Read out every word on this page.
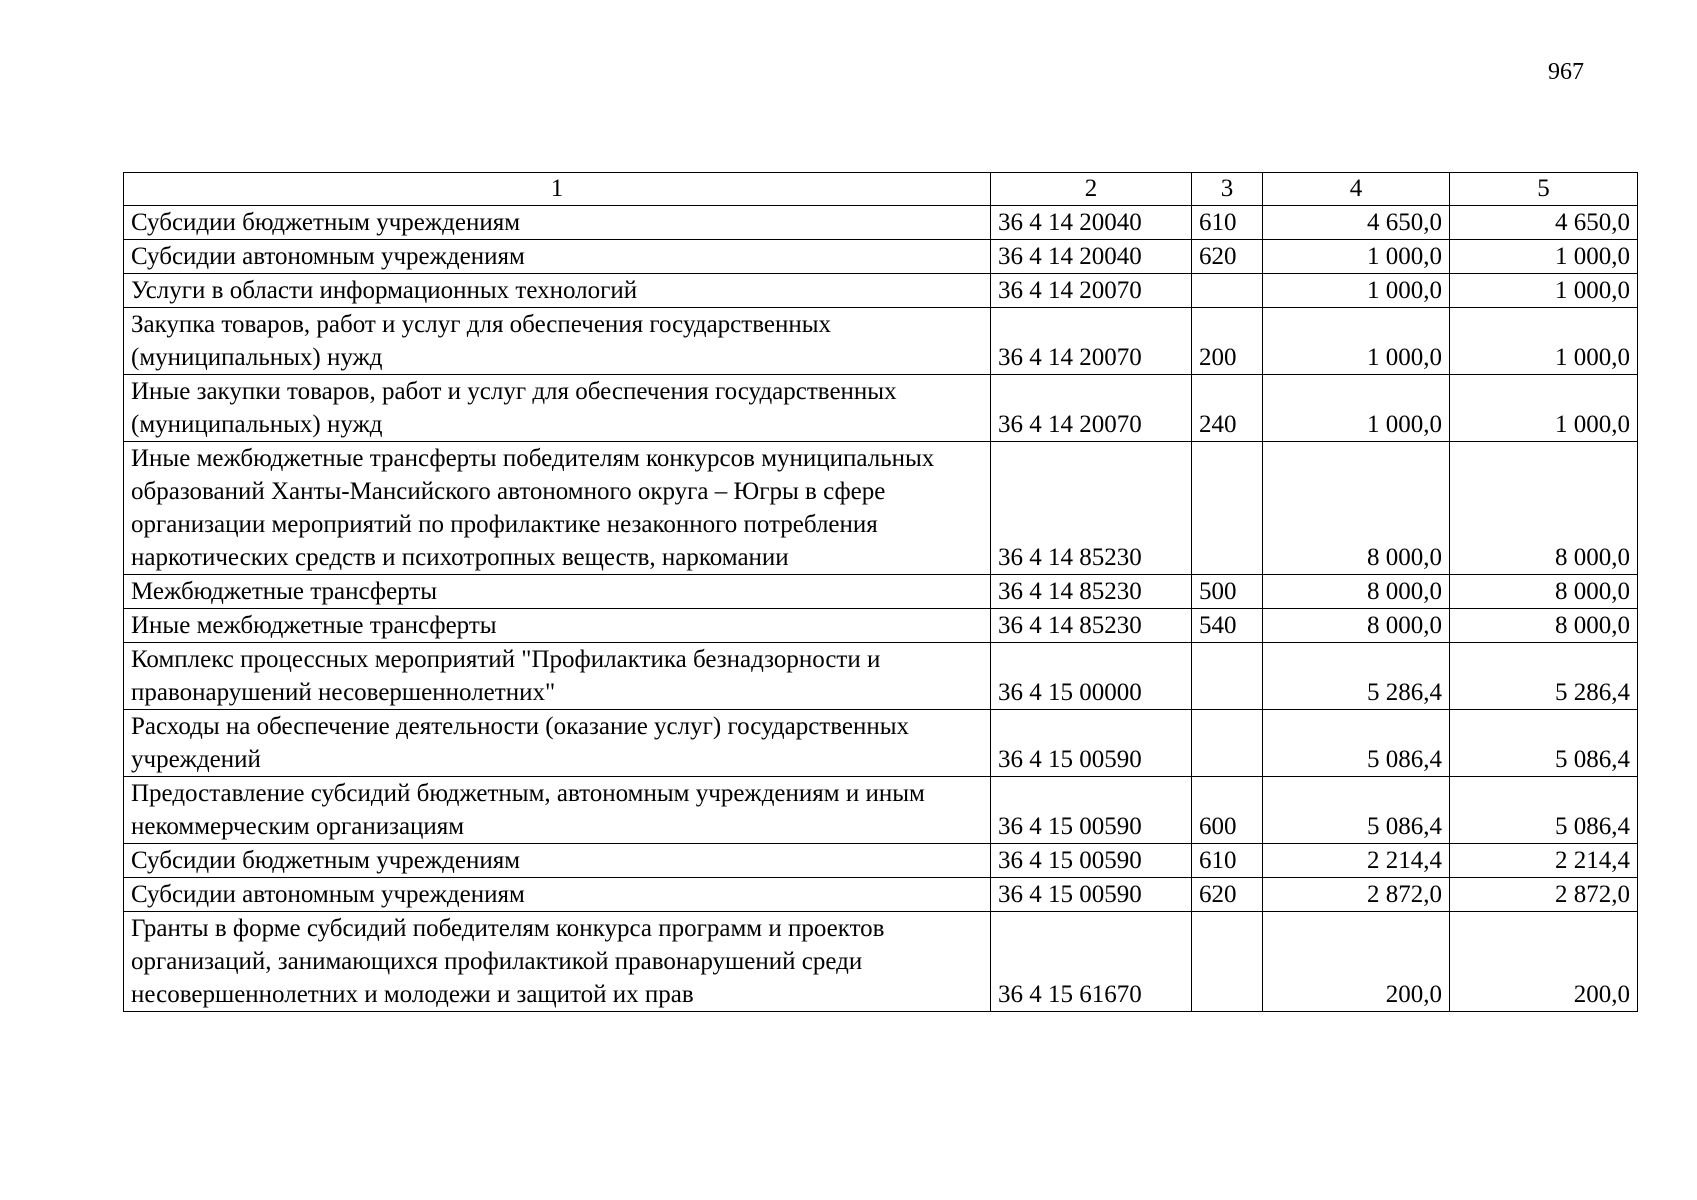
967
1	2	3	4	5
Субсидии бюджетным учреждениям	36 4 14 20040	610	4 650,0	4 650,0
Субсидии автономным учреждениям	36 4 14 20040	620	1 000,0	1 000,0
Услуги в области информационных технологий	36 4 14 20070		1 000,0	1 000,0
Закупка товаров, работ и услуг для обеспечения государственных (муниципальных) нужд	36 4 14 20070	200	1 000,0	1 000,0
Иные закупки товаров, работ и услуг для обеспечения государственных (муниципальных) нужд	36 4 14 20070	240	1 000,0	1 000,0
Иные межбюджетные трансферты победителям конкурсов муниципальных образований Ханты-Мансийского автономного округа – Югры в сфере организации мероприятий по профилактике незаконного потребления наркотических средств и психотропных веществ, наркомании	36 4 14 85230		8 000,0	8 000,0
Межбюджетные трансферты	36 4 14 85230	500	8 000,0	8 000,0
Иные межбюджетные трансферты	36 4 14 85230	540	8 000,0	8 000,0
Комплекс процессных мероприятий "Профилактика безнадзорности и правонарушений несовершеннолетних"	36 4 15 00000		5 286,4	5 286,4
Расходы на обеспечение деятельности (оказание услуг) государственных учреждений	36 4 15 00590		5 086,4	5 086,4
Предоставление субсидий бюджетным, автономным учреждениям и иным некоммерческим организациям	36 4 15 00590	600	5 086,4	5 086,4
Субсидии бюджетным учреждениям	36 4 15 00590	610	2 214,4	2 214,4
Субсидии автономным учреждениям	36 4 15 00590	620	2 872,0	2 872,0
Гранты в форме субсидий победителям конкурса программ и проектов организаций, занимающихся профилактикой правонарушений среди несовершеннолетних и молодежи и защитой их прав	36 4 15 61670		200,0	200,0
